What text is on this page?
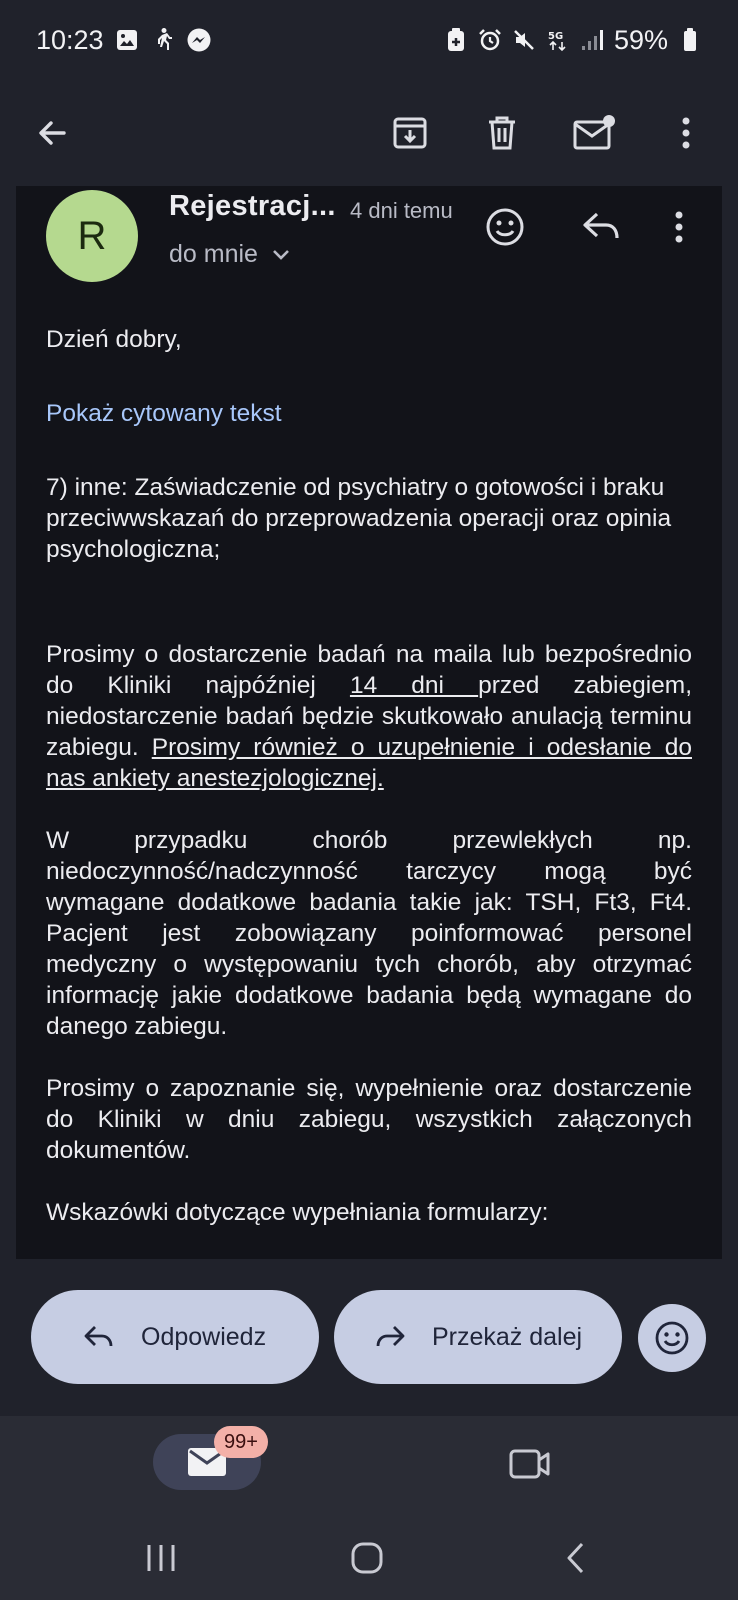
10:23	5G 59%
R
Rejestracj... 4 dni temu
do mnie

Dzień dobry,

Pokaż cytowany tekst

7) inne: Zaświadczenie od psychiatry o gotowości i braku przeciwwskazań do przeprowadzenia operacji oraz opinia psychologiczna;

Prosimy o dostarczenie badań na maila lub bezpośrednio do Kliniki najpóźniej 14 dni przed zabiegiem, niedostarczenie badań będzie skutkowało anulacją terminu zabiegu. Prosimy również o uzupełnienie i odesłanie do nas ankiety anestezjologicznej.

W przypadku chorób przewlekłych np. niedoczynność/nadczynność tarczycy mogą być wymagane dodatkowe badania takie jak: TSH, Ft3, Ft4. Pacjent jest zobowiązany poinformować personel medyczny o występowaniu tych chorób, aby otrzymać informację jakie dodatkowe badania będą wymagane do danego zabiegu.

Prosimy o zapoznanie się, wypełnienie oraz dostarczenie do Kliniki w dniu zabiegu, wszystkich załączonych dokumentów.

Wskazówki dotyczące wypełniania formularzy:

Odpowiedz	Przekaż dalej
99+
